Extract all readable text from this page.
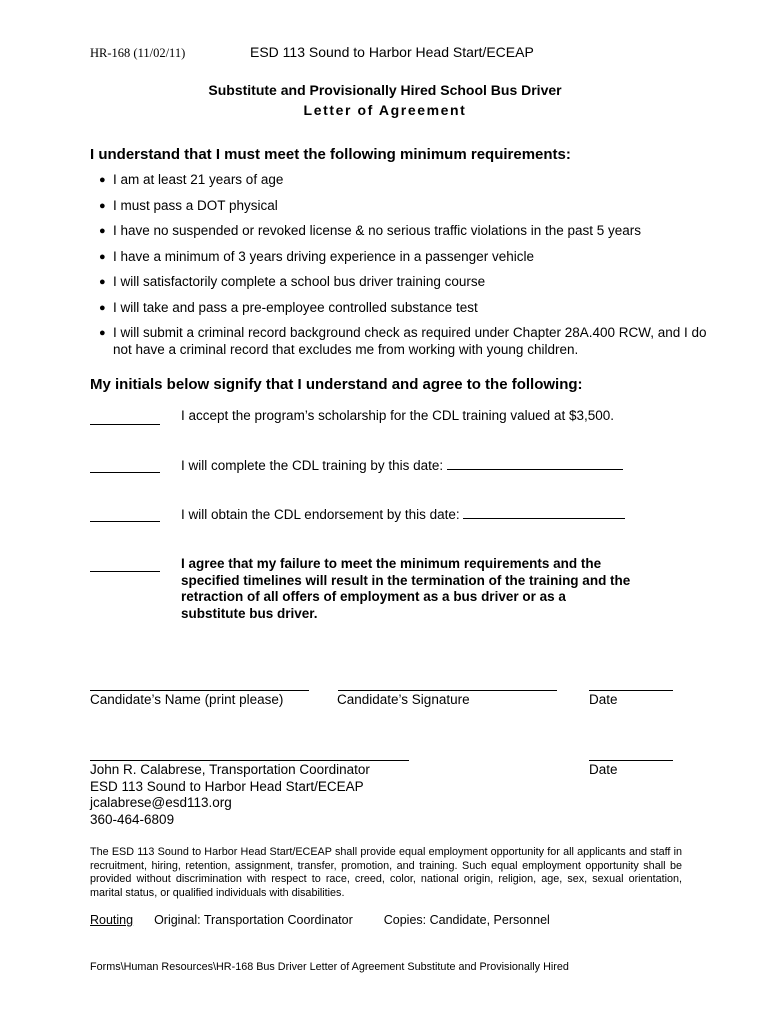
HR-168 (11/02/11)	ESD 113 Sound to Harbor Head Start/ECEAP
Substitute and Provisionally Hired School Bus Driver
Letter of Agreement
I understand that I must meet the following minimum requirements:
● I am at least 21 years of age
● I must pass a DOT physical
● I have no suspended or revoked license & no serious traffic violations in the past 5 years
● I have a minimum of 3 years driving experience in a passenger vehicle
● I will satisfactorily complete a school bus driver training course
● I will take and pass a pre-employee controlled substance test
● I will submit a criminal record background check as required under Chapter 28A.400 RCW, and I do not have a criminal record that excludes me from working with young children.
My initials below signify that I understand and agree to the following:
I accept the program’s scholarship for the CDL training valued at $3,500.
I will complete the CDL training by this date:
I will obtain the CDL endorsement by this date:
I agree that my failure to meet the minimum requirements and the specified timelines will result in the termination of the training and the retraction of all offers of employment as a bus driver or as a substitute bus driver.
Candidate’s Name (print please)	Candidate’s Signature	Date
John R. Calabrese, Transportation Coordinator
ESD 113 Sound to Harbor Head Start/ECEAP
jcalabrese@esd113.org
360-464-6809
Date
The ESD 113 Sound to Harbor Head Start/ECEAP shall provide equal employment opportunity for all applicants and staff in recruitment, hiring, retention, assignment, transfer, promotion, and training. Such equal employment opportunity shall be provided without discrimination with respect to race, creed, color, national origin, religion, age, sex, sexual orientation, marital status, or qualified individuals with disabilities.
Routing Original: Transportation Coordinator Copies: Candidate, Personnel
Forms\Human Resources\HR-168 Bus Driver Letter of Agreement Substitute and Provisionally Hired
